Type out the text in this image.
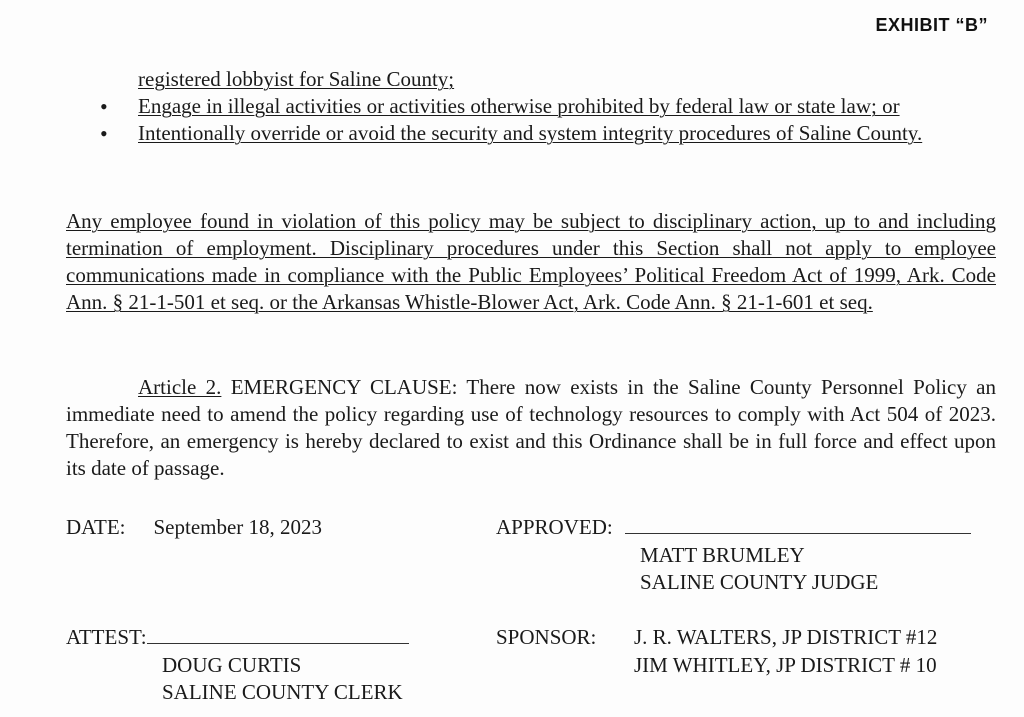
EXHIBIT “B”
registered lobbyist for Saline County;
•	Engage in illegal activities or activities otherwise prohibited by federal law or state law; or
•	Intentionally override or avoid the security and system integrity procedures of Saline County.
Any employee found in violation of this policy may be subject to disciplinary action, up to and including termination of employment. Disciplinary procedures under this Section shall not apply to employee communications made in compliance with the Public Employees’ Political Freedom Act of 1999, Ark. Code Ann. § 21-1-501 et seq. or the Arkansas Whistle-Blower Act, Ark. Code Ann. § 21-1-601 et seq.
Article 2. EMERGENCY CLAUSE: There now exists in the Saline County Personnel Policy an immediate need to amend the policy regarding use of technology resources to comply with Act 504 of 2023. Therefore, an emergency is hereby declared to exist and this Ordinance shall be in full force and effect upon its date of passage.
DATE: September 18, 2023	APPROVED:
MATT BRUMLEY
SALINE COUNTY JUDGE
ATTEST:
DOUG CURTIS
SALINE COUNTY CLERK
SPONSOR: J. R. WALTERS, JP DISTRICT #12
JIM WHITLEY, JP DISTRICT # 10
